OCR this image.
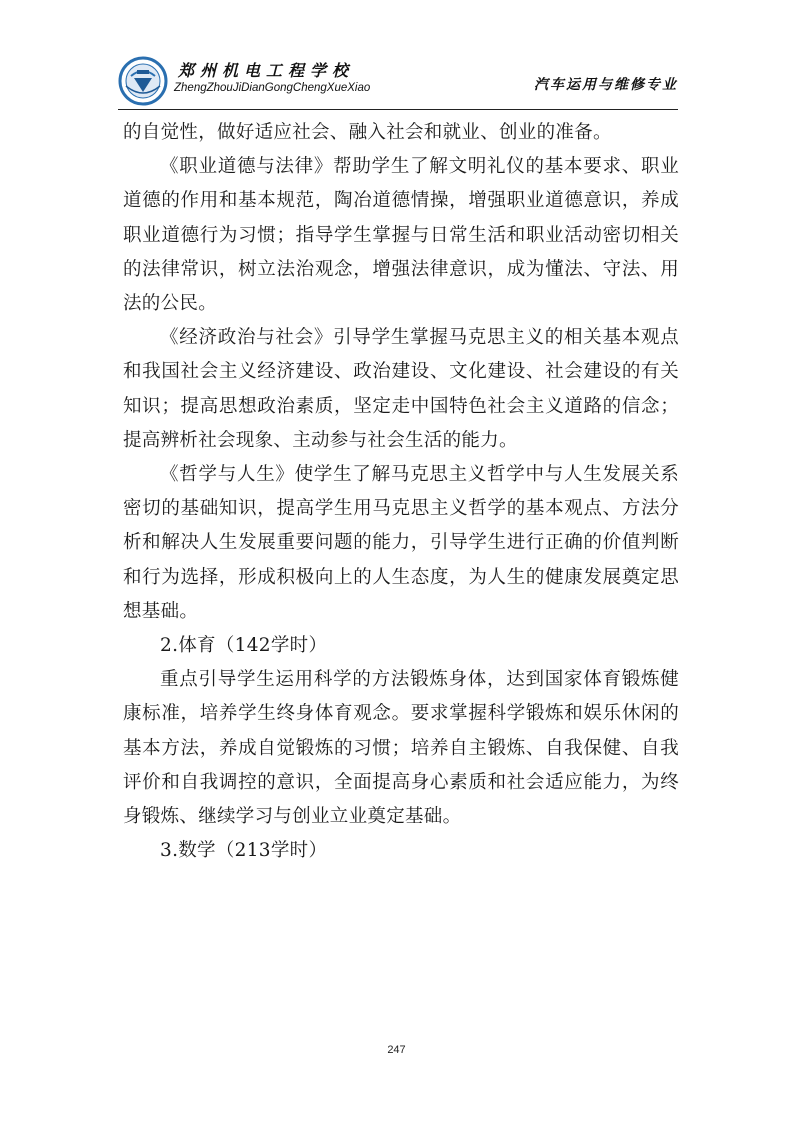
郑州机电工程学校
ZhengZhouJiDianGongChengXueXiao	汽车运用与维修专业

的自觉性，做好适应社会、融入社会和就业、创业的准备。

《职业道德与法律》帮助学生了解文明礼仪的基本要求、职业道德的作用和基本规范，陶冶道德情操，增强职业道德意识，养成职业道德行为习惯；指导学生掌握与日常生活和职业活动密切相关的法律常识，树立法治观念，增强法律意识，成为懂法、守法、用法的公民。

《经济政治与社会》引导学生掌握马克思主义的相关基本观点和我国社会主义经济建设、政治建设、文化建设、社会建设的有关知识；提高思想政治素质，坚定走中国特色社会主义道路的信念；提高辨析社会现象、主动参与社会生活的能力。

《哲学与人生》使学生了解马克思主义哲学中与人生发展关系密切的基础知识，提高学生用马克思主义哲学的基本观点、方法分析和解决人生发展重要问题的能力，引导学生进行正确的价值判断和行为选择，形成积极向上的人生态度，为人生的健康发展奠定思想基础。

2.体育（142学时）

重点引导学生运用科学的方法锻炼身体，达到国家体育锻炼健康标准，培养学生终身体育观念。要求掌握科学锻炼和娱乐休闲的基本方法，养成自觉锻炼的习惯；培养自主锻炼、自我保健、自我评价和自我调控的意识，全面提高身心素质和社会适应能力，为终身锻炼、继续学习与创业立业奠定基础。

3.数学（213学时）

247
